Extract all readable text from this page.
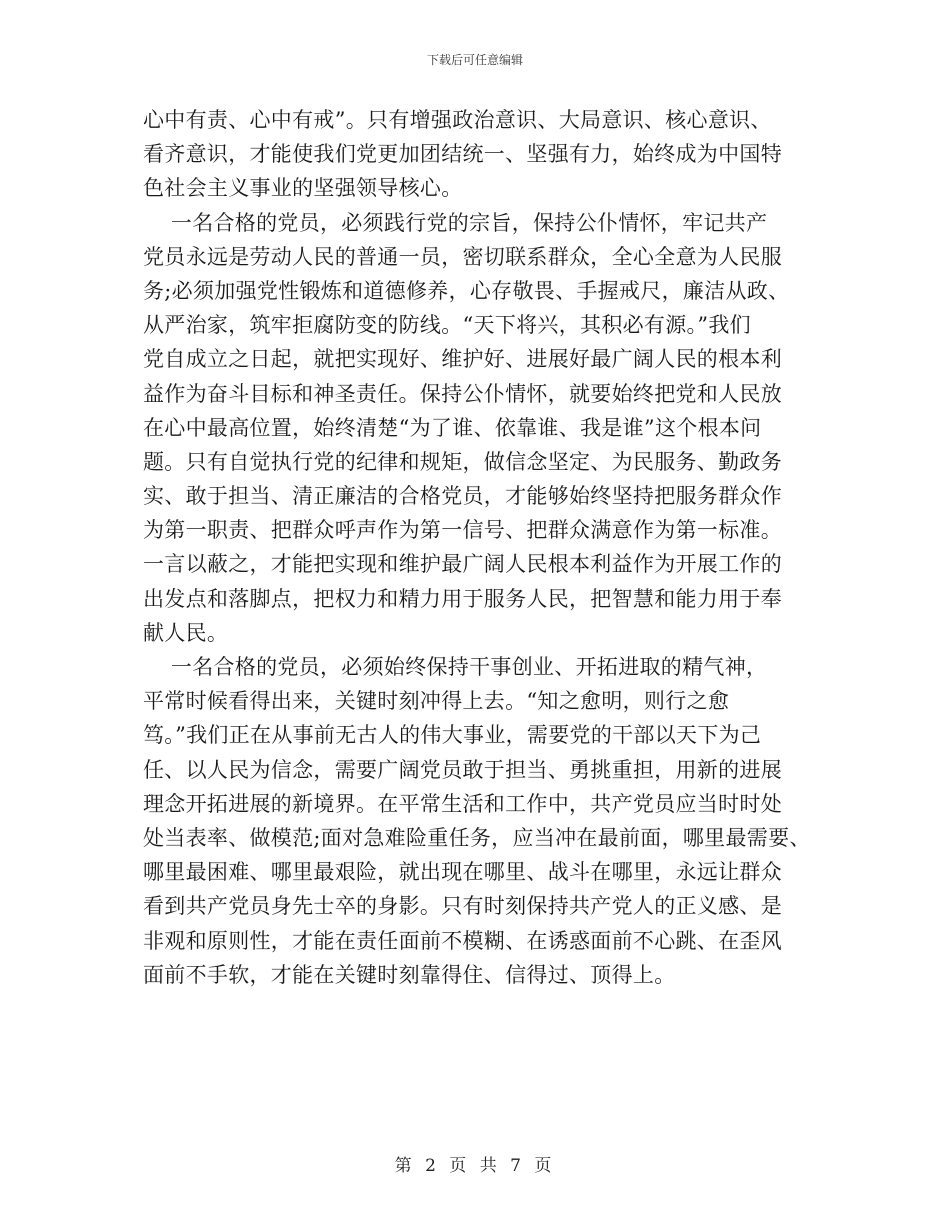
下载后可任意编辑
心中有责、心中有戒”。只有增强政治意识、大局意识、核心意识、
看齐意识，才能使我们党更加团结统一、坚强有力，始终成为中国特
色社会主义事业的坚强领导核心。
一名合格的党员，必须践行党的宗旨，保持公仆情怀，牢记共产
党员永远是劳动人民的普通一员，密切联系群众，全心全意为人民服
务;必须加强党性锻炼和道德修养，心存敬畏、手握戒尺，廉洁从政、
从严治家，筑牢拒腐防变的防线。“天下将兴，其积必有源。”我们
党自成立之日起，就把实现好、维护好、进展好最广阔人民的根本利
益作为奋斗目标和神圣责任。保持公仆情怀，就要始终把党和人民放
在心中最高位置，始终清楚“为了谁、依靠谁、我是谁”这个根本问
题。只有自觉执行党的纪律和规矩，做信念坚定、为民服务、勤政务
实、敢于担当、清正廉洁的合格党员，才能够始终坚持把服务群众作
为第一职责、把群众呼声作为第一信号、把群众满意作为第一标准。
一言以蔽之，才能把实现和维护最广阔人民根本利益作为开展工作的
出发点和落脚点，把权力和精力用于服务人民，把智慧和能力用于奉
献人民。
一名合格的党员，必须始终保持干事创业、开拓进取的精气神，
平常时候看得出来，关键时刻冲得上去。“知之愈明，则行之愈
笃。”我们正在从事前无古人的伟大事业，需要党的干部以天下为己
任、以人民为信念，需要广阔党员敢于担当、勇挑重担，用新的进展
理念开拓进展的新境界。在平常生活和工作中，共产党员应当时时处
处当表率、做模范;面对急难险重任务，应当冲在最前面，哪里最需要、
哪里最困难、哪里最艰险，就出现在哪里、战斗在哪里，永远让群众
看到共产党员身先士卒的身影。只有时刻保持共产党人的正义感、是
非观和原则性，才能在责任面前不模糊、在诱惑面前不心跳、在歪风
面前不手软，才能在关键时刻靠得住、信得过、顶得上。
第 2 页 共 7 页
